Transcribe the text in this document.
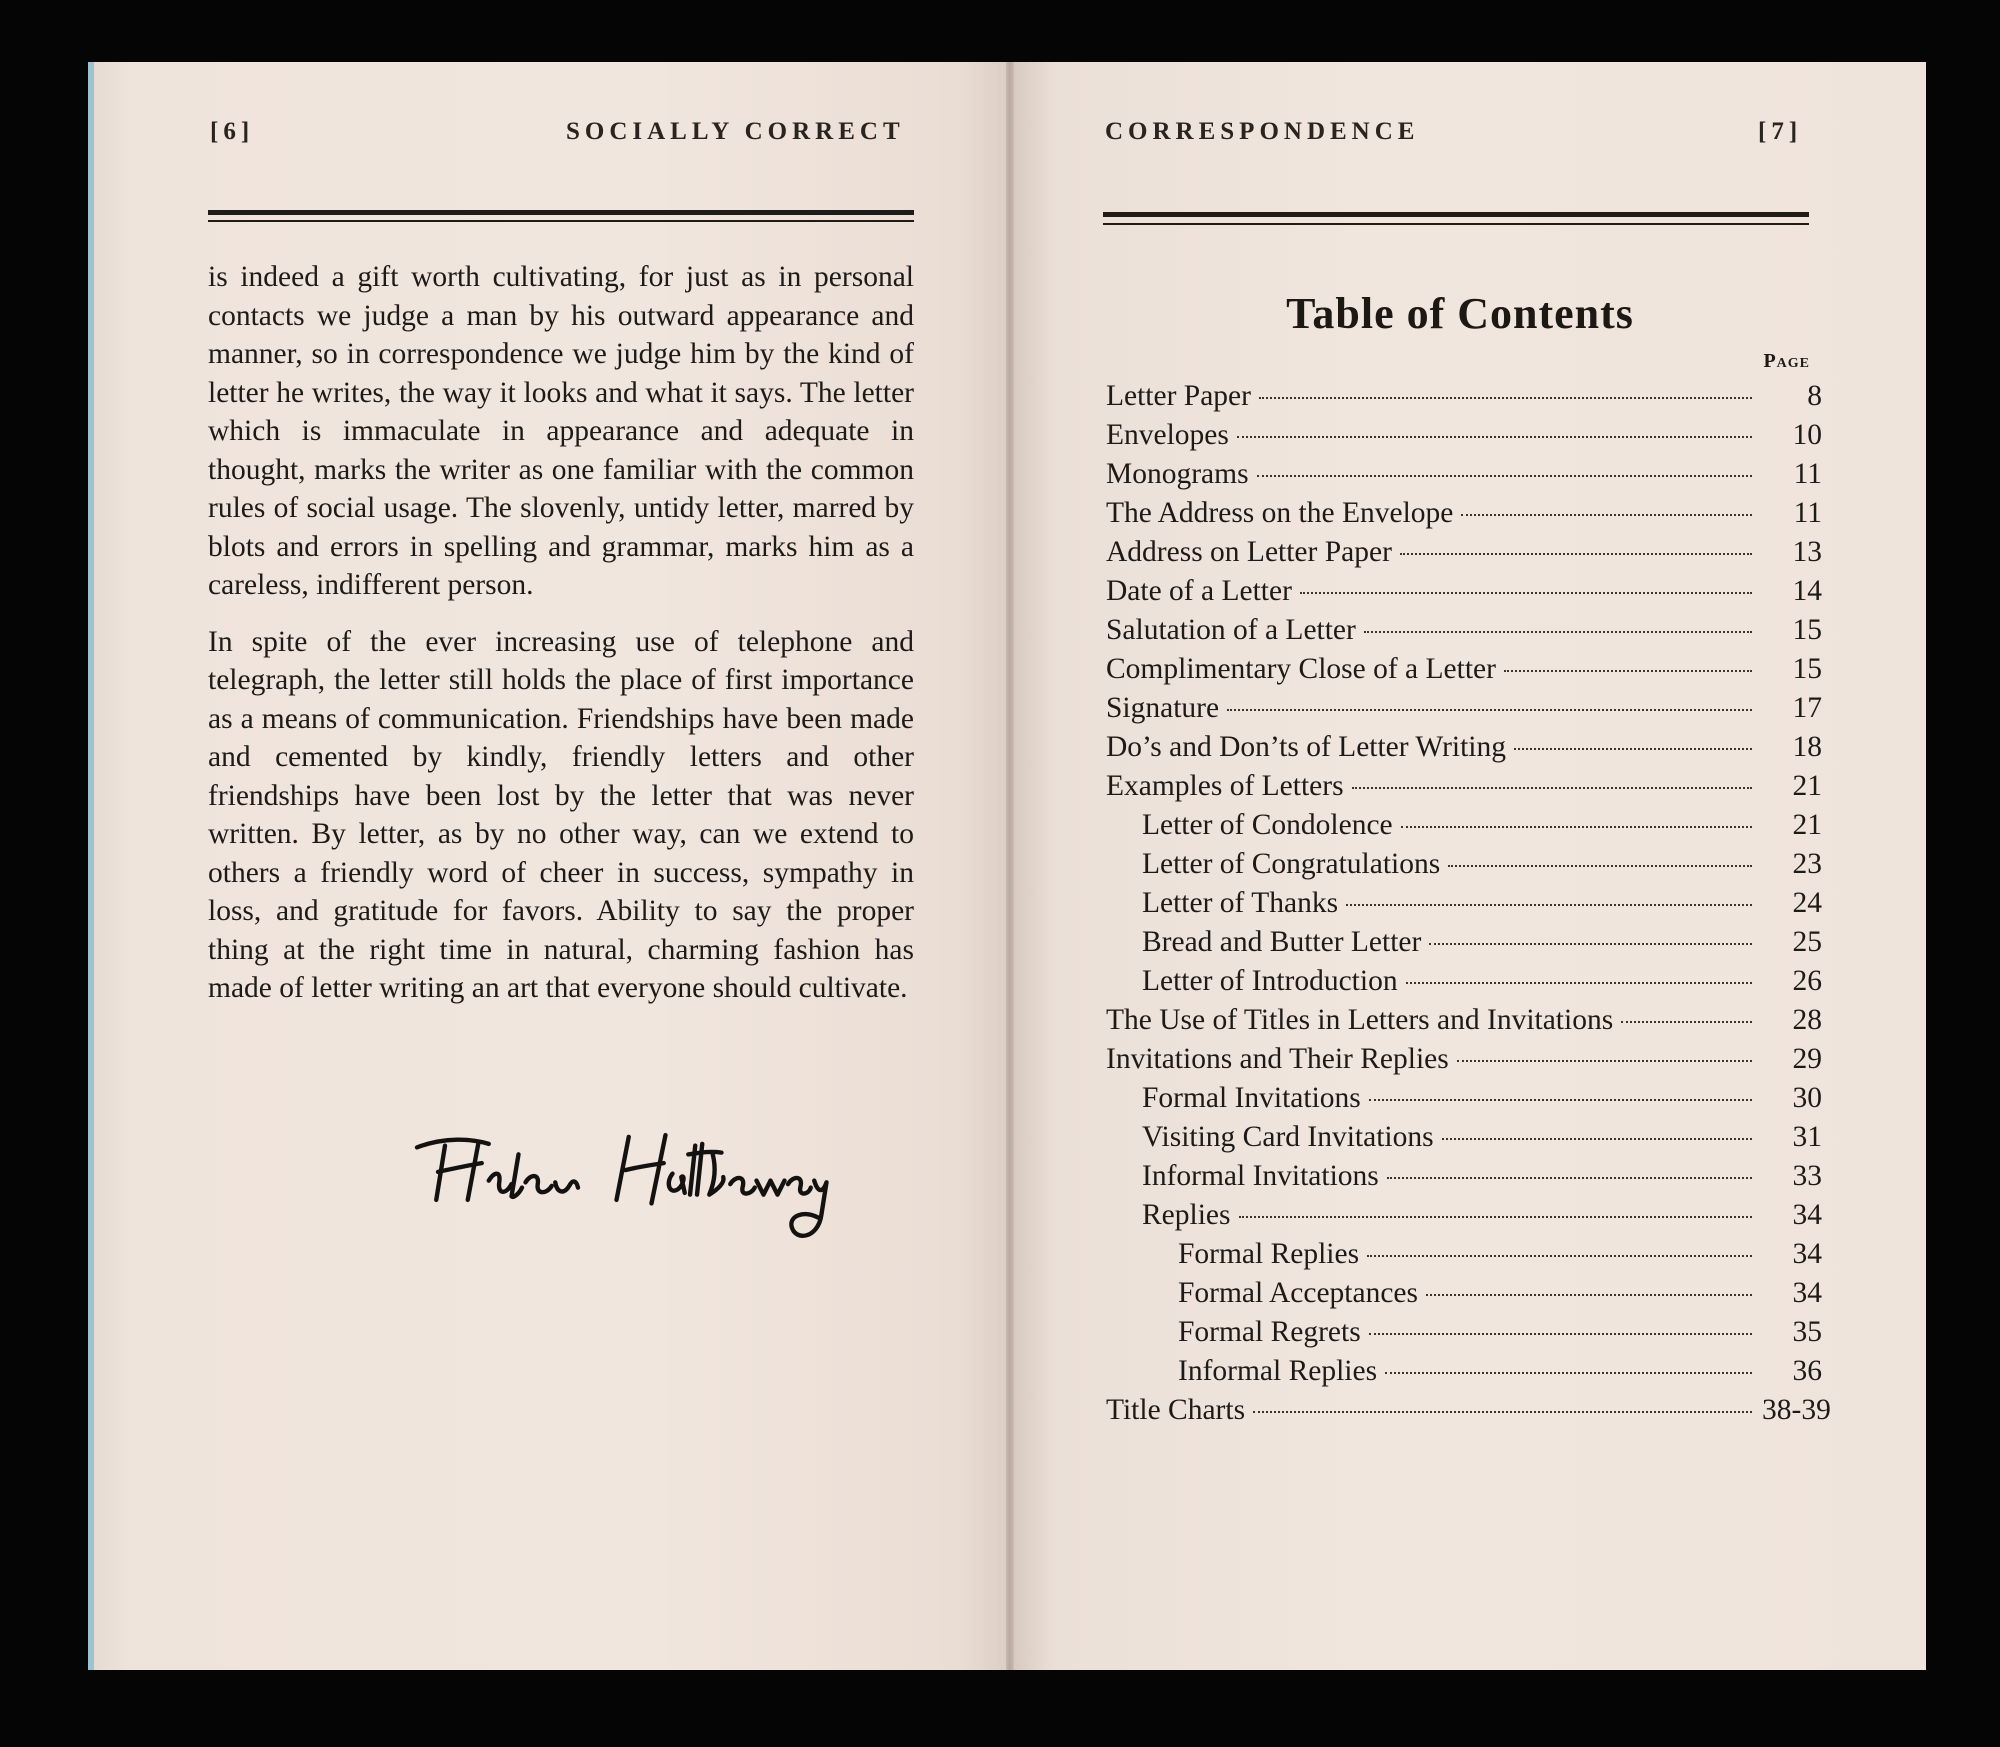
[6]	SOCIALLY CORRECT

is indeed a gift worth cultivating, for just as in personal contacts we judge a man by his outward appearance and manner, so in correspondence we judge him by the kind of letter he writes, the way it looks and what it says. The letter which is immaculate in appearance and adequate in thought, marks the writer as one familiar with the common rules of social usage. The slovenly, untidy letter, marred by blots and errors in spelling and grammar, marks him as a careless, indifferent person.

In spite of the ever increasing use of telephone and telegraph, the letter still holds the place of first importance as a means of communication. Friendships have been made and cemented by kindly, friendly letters and other friendships have been lost by the letter that was never written. By letter, as by no other way, can we extend to others a friendly word of cheer in success, sympathy in loss, and gratitude for favors. Ability to say the proper thing at the right time in natural, charming fashion has made of letter writing an art that everyone should cultivate.

CORRESPONDENCE	[7]
Table of Contents
Page
Letter Paper	8
Envelopes	10
Monograms	11
The Address on the Envelope	11
Address on Letter Paper	13
Date of a Letter	14
Salutation of a Letter	15
Complimentary Close of a Letter	15
Signature	17
Do’s and Don’ts of Letter Writing	18
Examples of Letters	21
Letter of Condolence	21
Letter of Congratulations	23
Letter of Thanks	24
Bread and Butter Letter	25
Letter of Introduction	26
The Use of Titles in Letters and Invitations	28
Invitations and Their Replies	29
Formal Invitations	30
Visiting Card Invitations	31
Informal Invitations	33
Replies	34
Formal Replies	34
Formal Acceptances	34
Formal Regrets	35
Informal Replies	36
Title Charts	38-39
